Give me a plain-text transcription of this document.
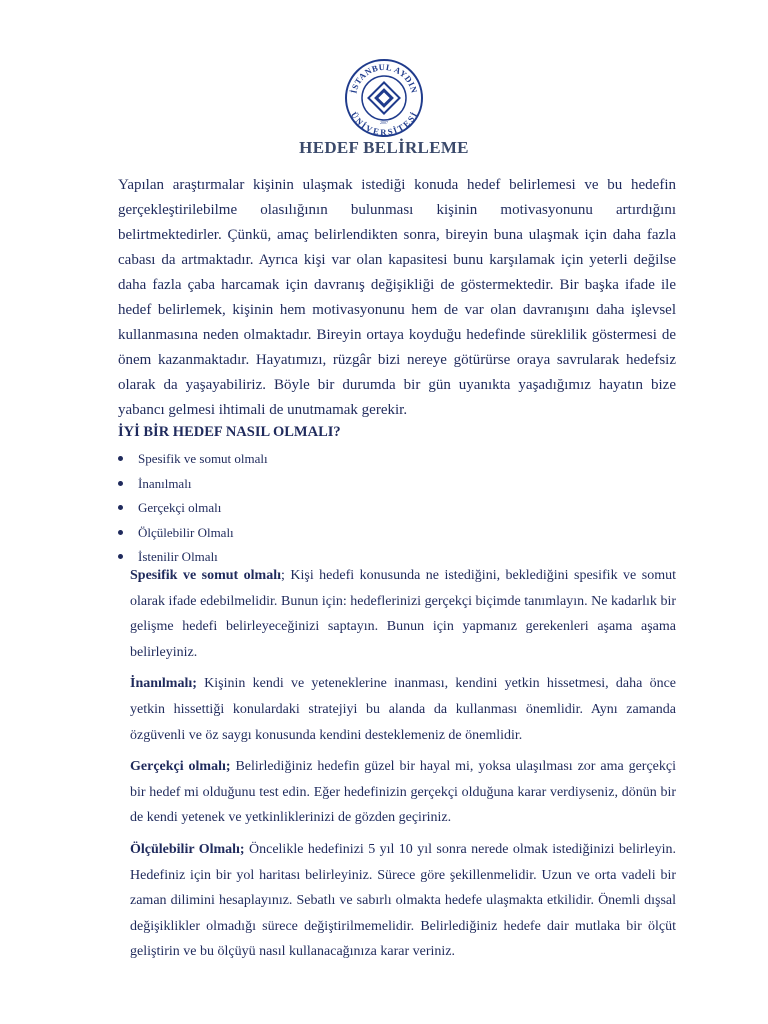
İSTANBUL AYDIN
ÜNİVERSİTESİ
2007
HEDEF BELİRLEME

Yapılan araştırmalar kişinin ulaşmak istediği konuda hedef belirlemesi ve bu hedefin gerçekleştirilebilme olasılığının bulunması kişinin motivasyonunu artırdığını belirtmektedirler. Çünkü, amaç belirlendikten sonra, bireyin buna ulaşmak için daha fazla cabası da artmaktadır. Ayrıca kişi var olan kapasitesi bunu karşılamak için yeterli değilse daha fazla çaba harcamak için davranış değişikliği de göstermektedir. Bir başka ifade ile hedef belirlemek, kişinin hem motivasyonunu hem de var olan davranışını daha işlevsel kullanmasına neden olmaktadır. Bireyin ortaya koyduğu hedefinde süreklilik göstermesi de önem kazanmaktadır. Hayatımızı, rüzgâr bizi nereye götürürse oraya savrularak hedefsiz olarak da yaşayabiliriz. Böyle bir durumda bir gün uyanıkta yaşadığımız hayatın bize yabancı gelmesi ihtimali de unutmamak gerekir.

İYİ BİR HEDEF NASIL OLMALI?

Spesifik ve somut olmalı
İnanılmalı
Gerçekçi olmalı
Ölçülebilir Olmalı
İstenilir Olmalı

Spesifik ve somut olmalı; Kişi hedefi konusunda ne istediğini, beklediğini spesifik ve somut olarak ifade edebilmelidir. Bunun için: hedeflerinizi gerçekçi biçimde tanımlayın. Ne kadarlık bir gelişme hedefi belirleyeceğinizi saptayın. Bunun için yapmanız gerekenleri aşama aşama belirleyiniz.

İnanılmalı; Kişinin kendi ve yeteneklerine inanması, kendini yetkin hissetmesi, daha önce yetkin hissettiği konulardaki stratejiyi bu alanda da kullanması önemlidir. Aynı zamanda özgüvenli ve öz saygı konusunda kendini desteklemeniz de önemlidir.

Gerçekçi olmalı; Belirlediğiniz hedefin güzel bir hayal mi, yoksa ulaşılması zor ama gerçekçi bir hedef mi olduğunu test edin. Eğer hedefinizin gerçekçi olduğuna karar verdiyseniz, dönün bir de kendi yetenek ve yetkinliklerinizi de gözden geçiriniz.

Ölçülebilir Olmalı; Öncelikle hedefinizi 5 yıl 10 yıl sonra nerede olmak istediğinizi belirleyin. Hedefiniz için bir yol haritası belirleyiniz. Sürece göre şekillenmelidir. Uzun ve orta vadeli bir zaman dilimini hesaplayınız. Sebatlı ve sabırlı olmakta hedefe ulaşmakta etkilidir. Önemli dışsal değişiklikler olmadığı sürece değiştirilmemelidir. Belirlediğiniz hedefe dair mutlaka bir ölçüt geliştirin ve bu ölçüyü nasıl kullanacağınıza karar veriniz.
